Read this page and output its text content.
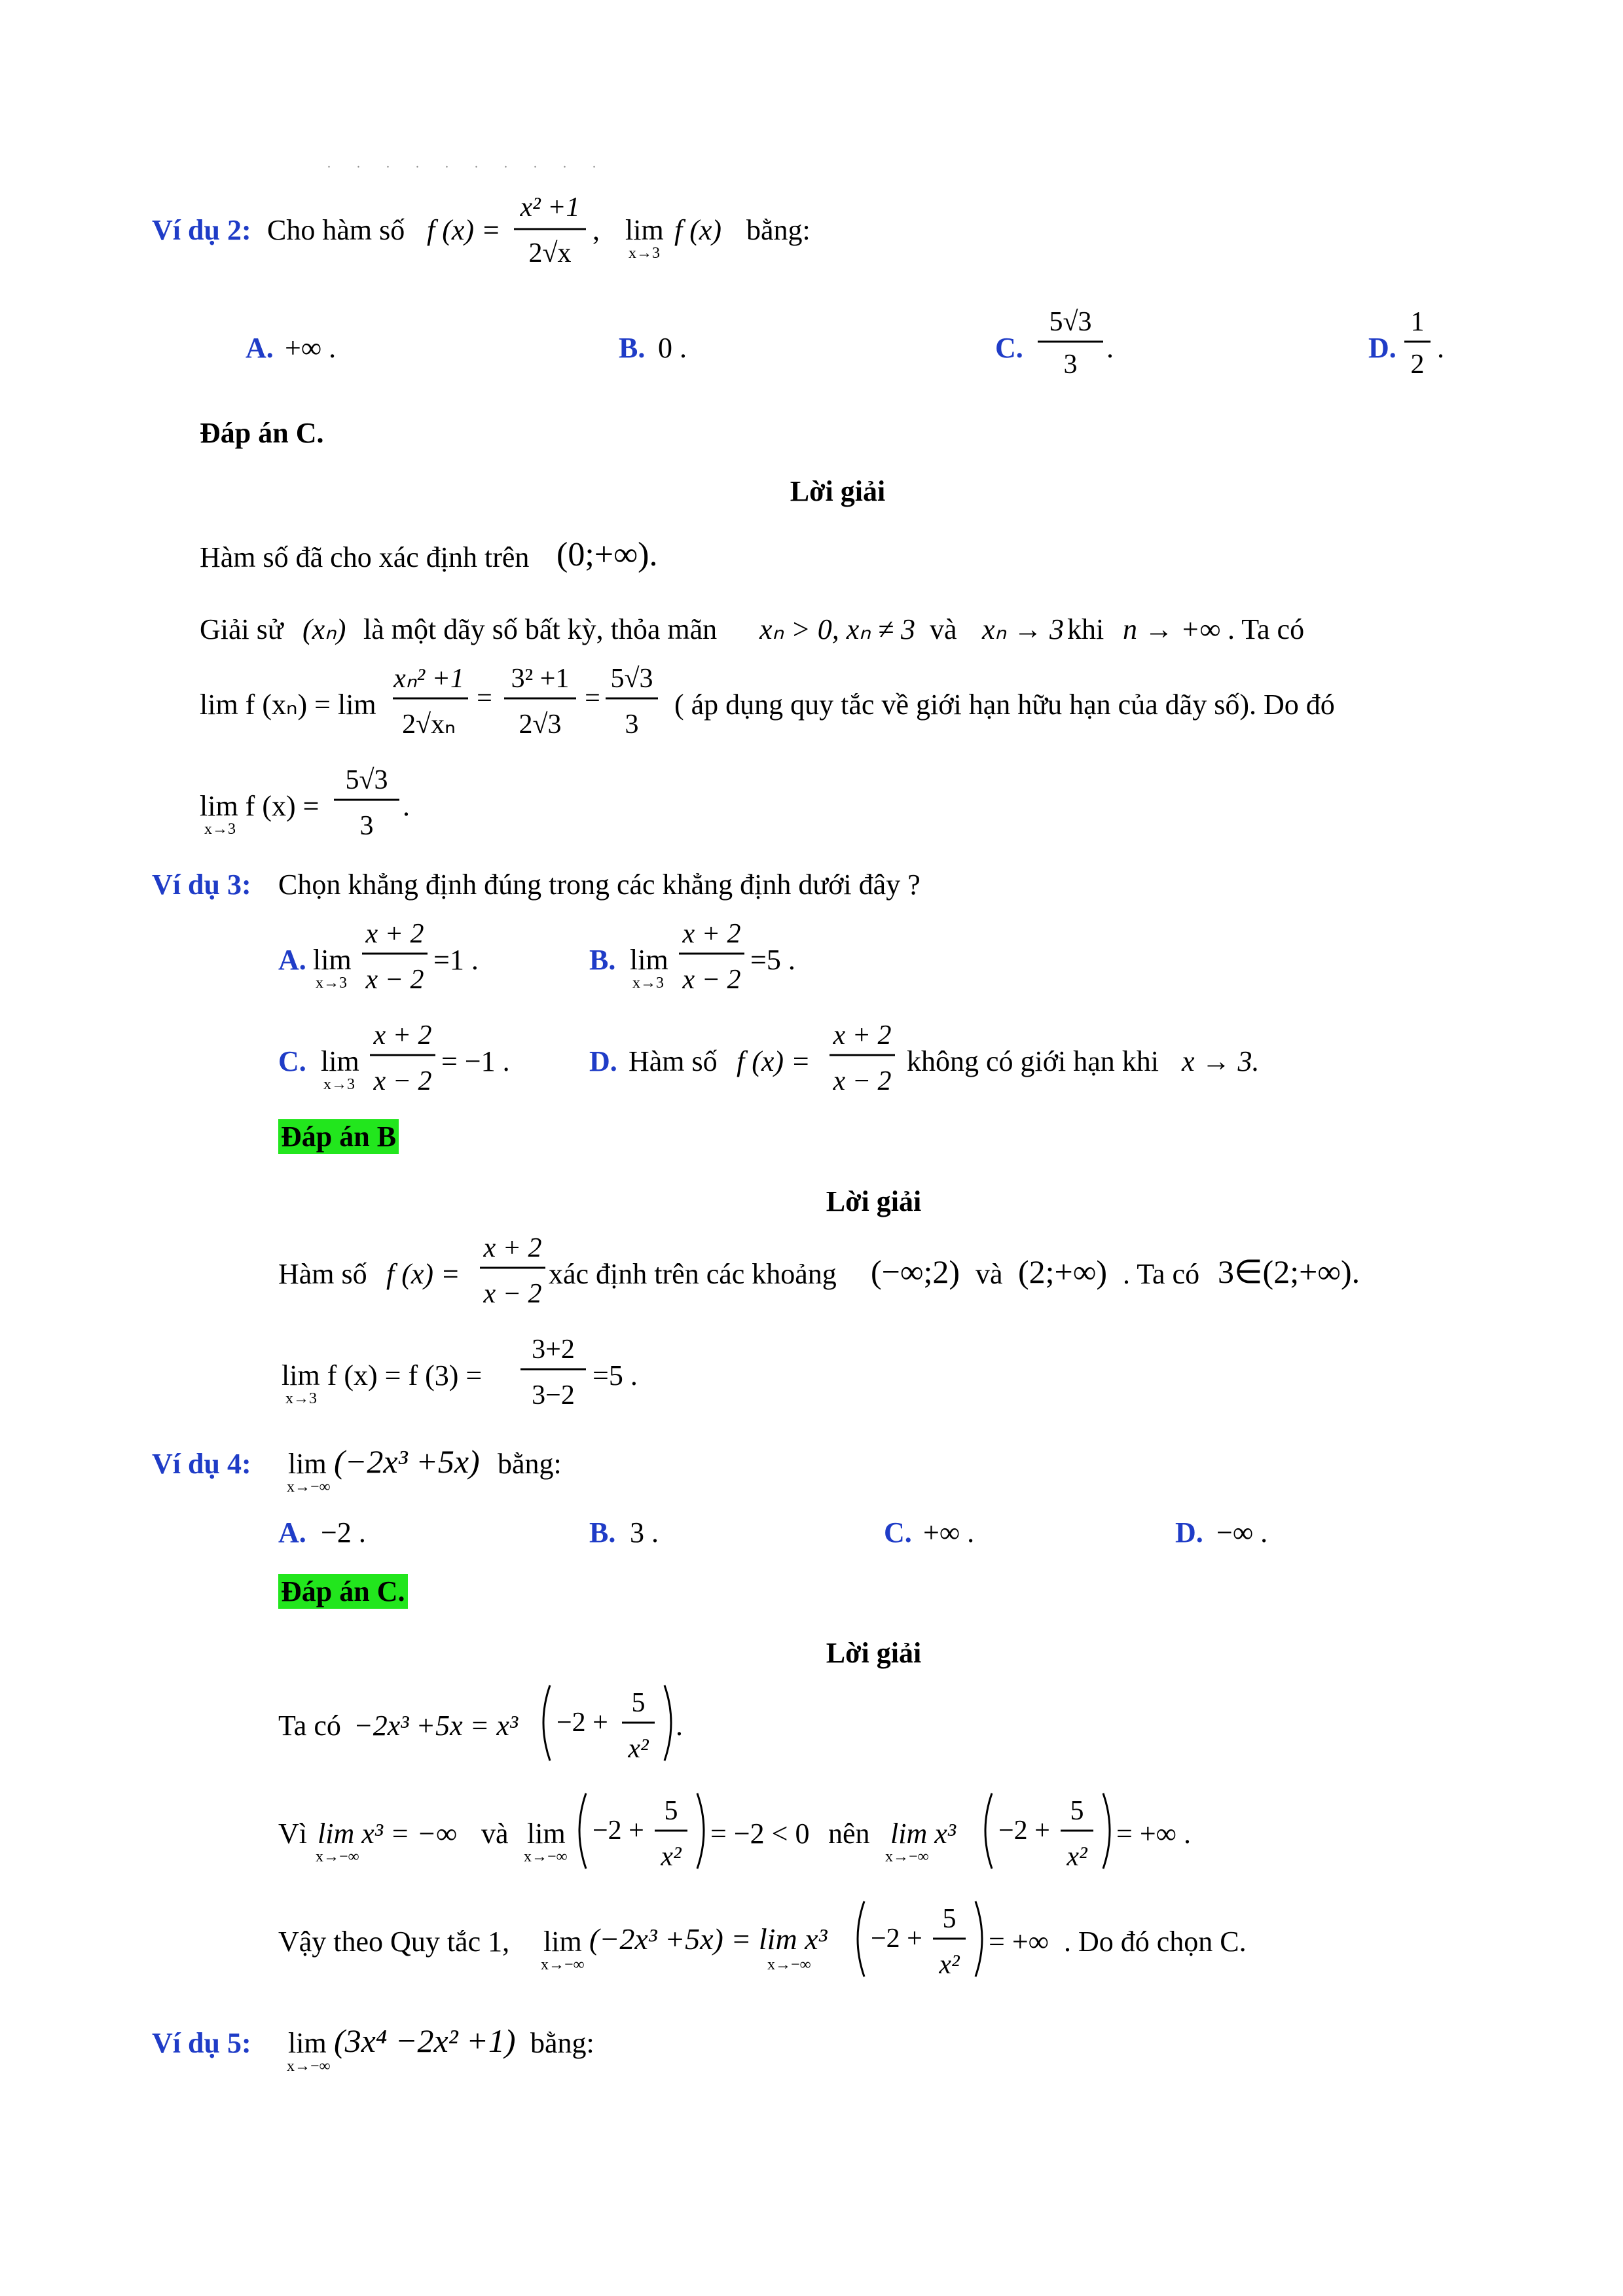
..........
Ví dụ 2: Cho hàm số f (x) =
x² +1
2√x
, lim
x→3
f (x) bằng:
A. +∞ .	B. 0 .	C.
5√3
3
.	D.
1
2
.
Đáp án C.
Lời giải
Hàm số đã cho xác định trên (0;+∞).
Giải sử (xₙ) là một dãy số bất kỳ, thỏa mãn xₙ > 0, xₙ ≠ 3 và xₙ → 3 khi n → +∞ . Ta có
lim f (xₙ) = lim
xₙ² +1
2√xₙ
=
3² +1
2√3
=
5√3
3
( áp dụng quy tắc về giới hạn hữu hạn của dãy số). Do đó
lim f (x) =
x→3
5√3
3
.
Ví dụ 3: Chọn khẳng định đúng trong các khẳng định dưới đây ?
A. lim
x→3
x + 2
x − 2
=1 .	B. lim
x→3
x + 2
x − 2
=5 .
C. lim
x→3
x + 2
x − 2
= −1 .	D. Hàm số f (x) =
x + 2
x − 2
không có giới hạn khi x → 3.
Đáp án B
Lời giải
Hàm số f (x) =
x + 2
x − 2
xác định trên các khoảng (−∞;2) và (2;+∞) . Ta có 3∈(2;+∞).
lim f (x) = f (3) =
x→3
3+2
3−2
=5 .
Ví dụ 4: lim
x→−∞
(−2x³ +5x) bằng:
A. −2 .	B. 3 .	C. +∞ .	D. −∞ .
Đáp án C.
Lời giải
Ta có −2x³ +5x = x³ −2 +
5
x²
.
Vì lim x³ = −∞
x→−∞
và lim
x→−∞
−2 +
5
x²
= −2 < 0 nên lim x³
x→−∞
−2 +
5
x²
= +∞ .
Vậy theo Quy tắc 1, lim
x→−∞
(−2x³ +5x) = lim x³
x→−∞
−2 +
5
x²
= +∞ . Do đó chọn C.
Ví dụ 5: lim
x→−∞
(3x⁴ −2x² +1) bằng:
